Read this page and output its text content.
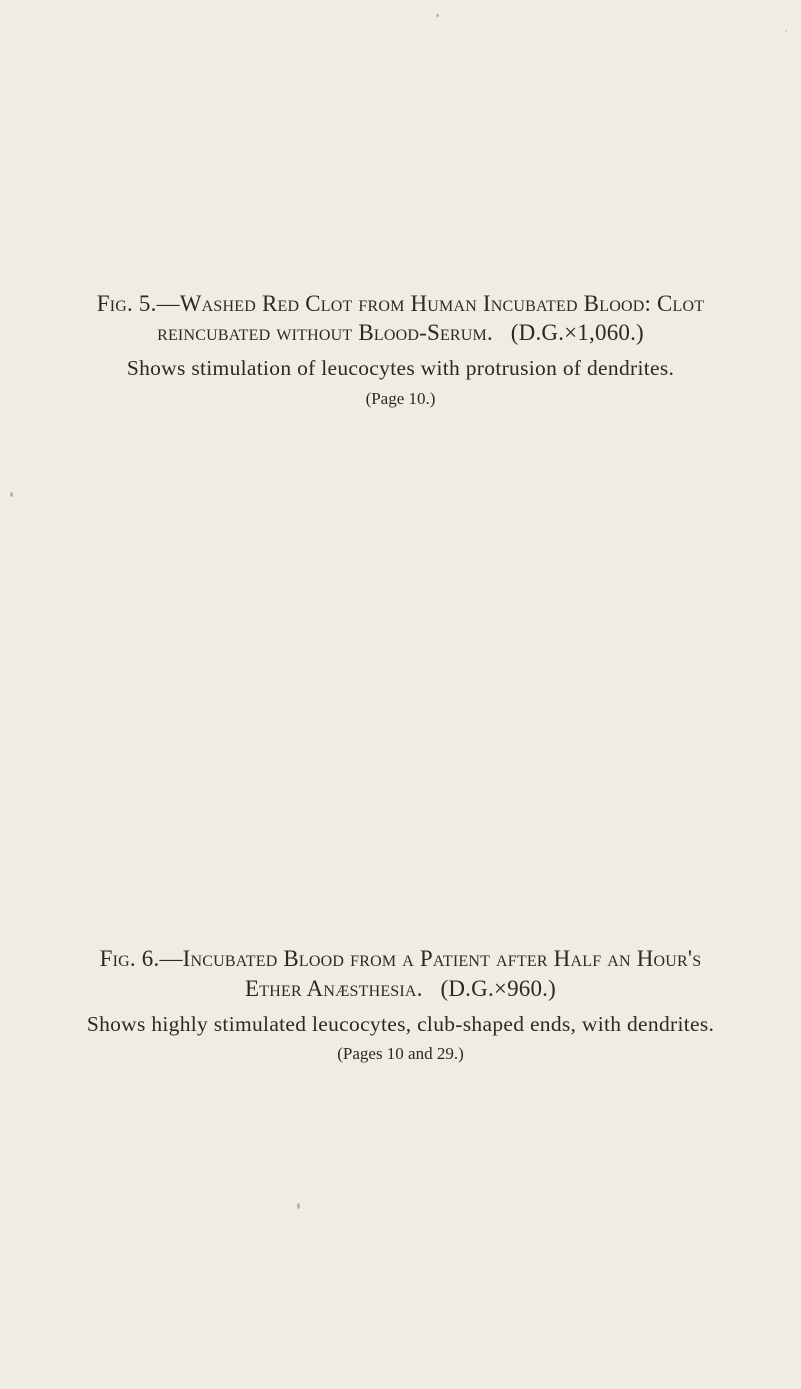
Fig. 5.—Washed Red Clot from Human Incubated Blood: Clot

reincubated without Blood-Serum. (D.G.×1,060.)

Shows stimulation of leucocytes with protrusion of dendrites.

(Page 10.)

Fig. 6.—Incubated Blood from a Patient after Half an Hour's

Ether Anæsthesia. (D.G.×960.)

Shows highly stimulated leucocytes, club-shaped ends, with dendrites.

(Pages 10 and 29.)
